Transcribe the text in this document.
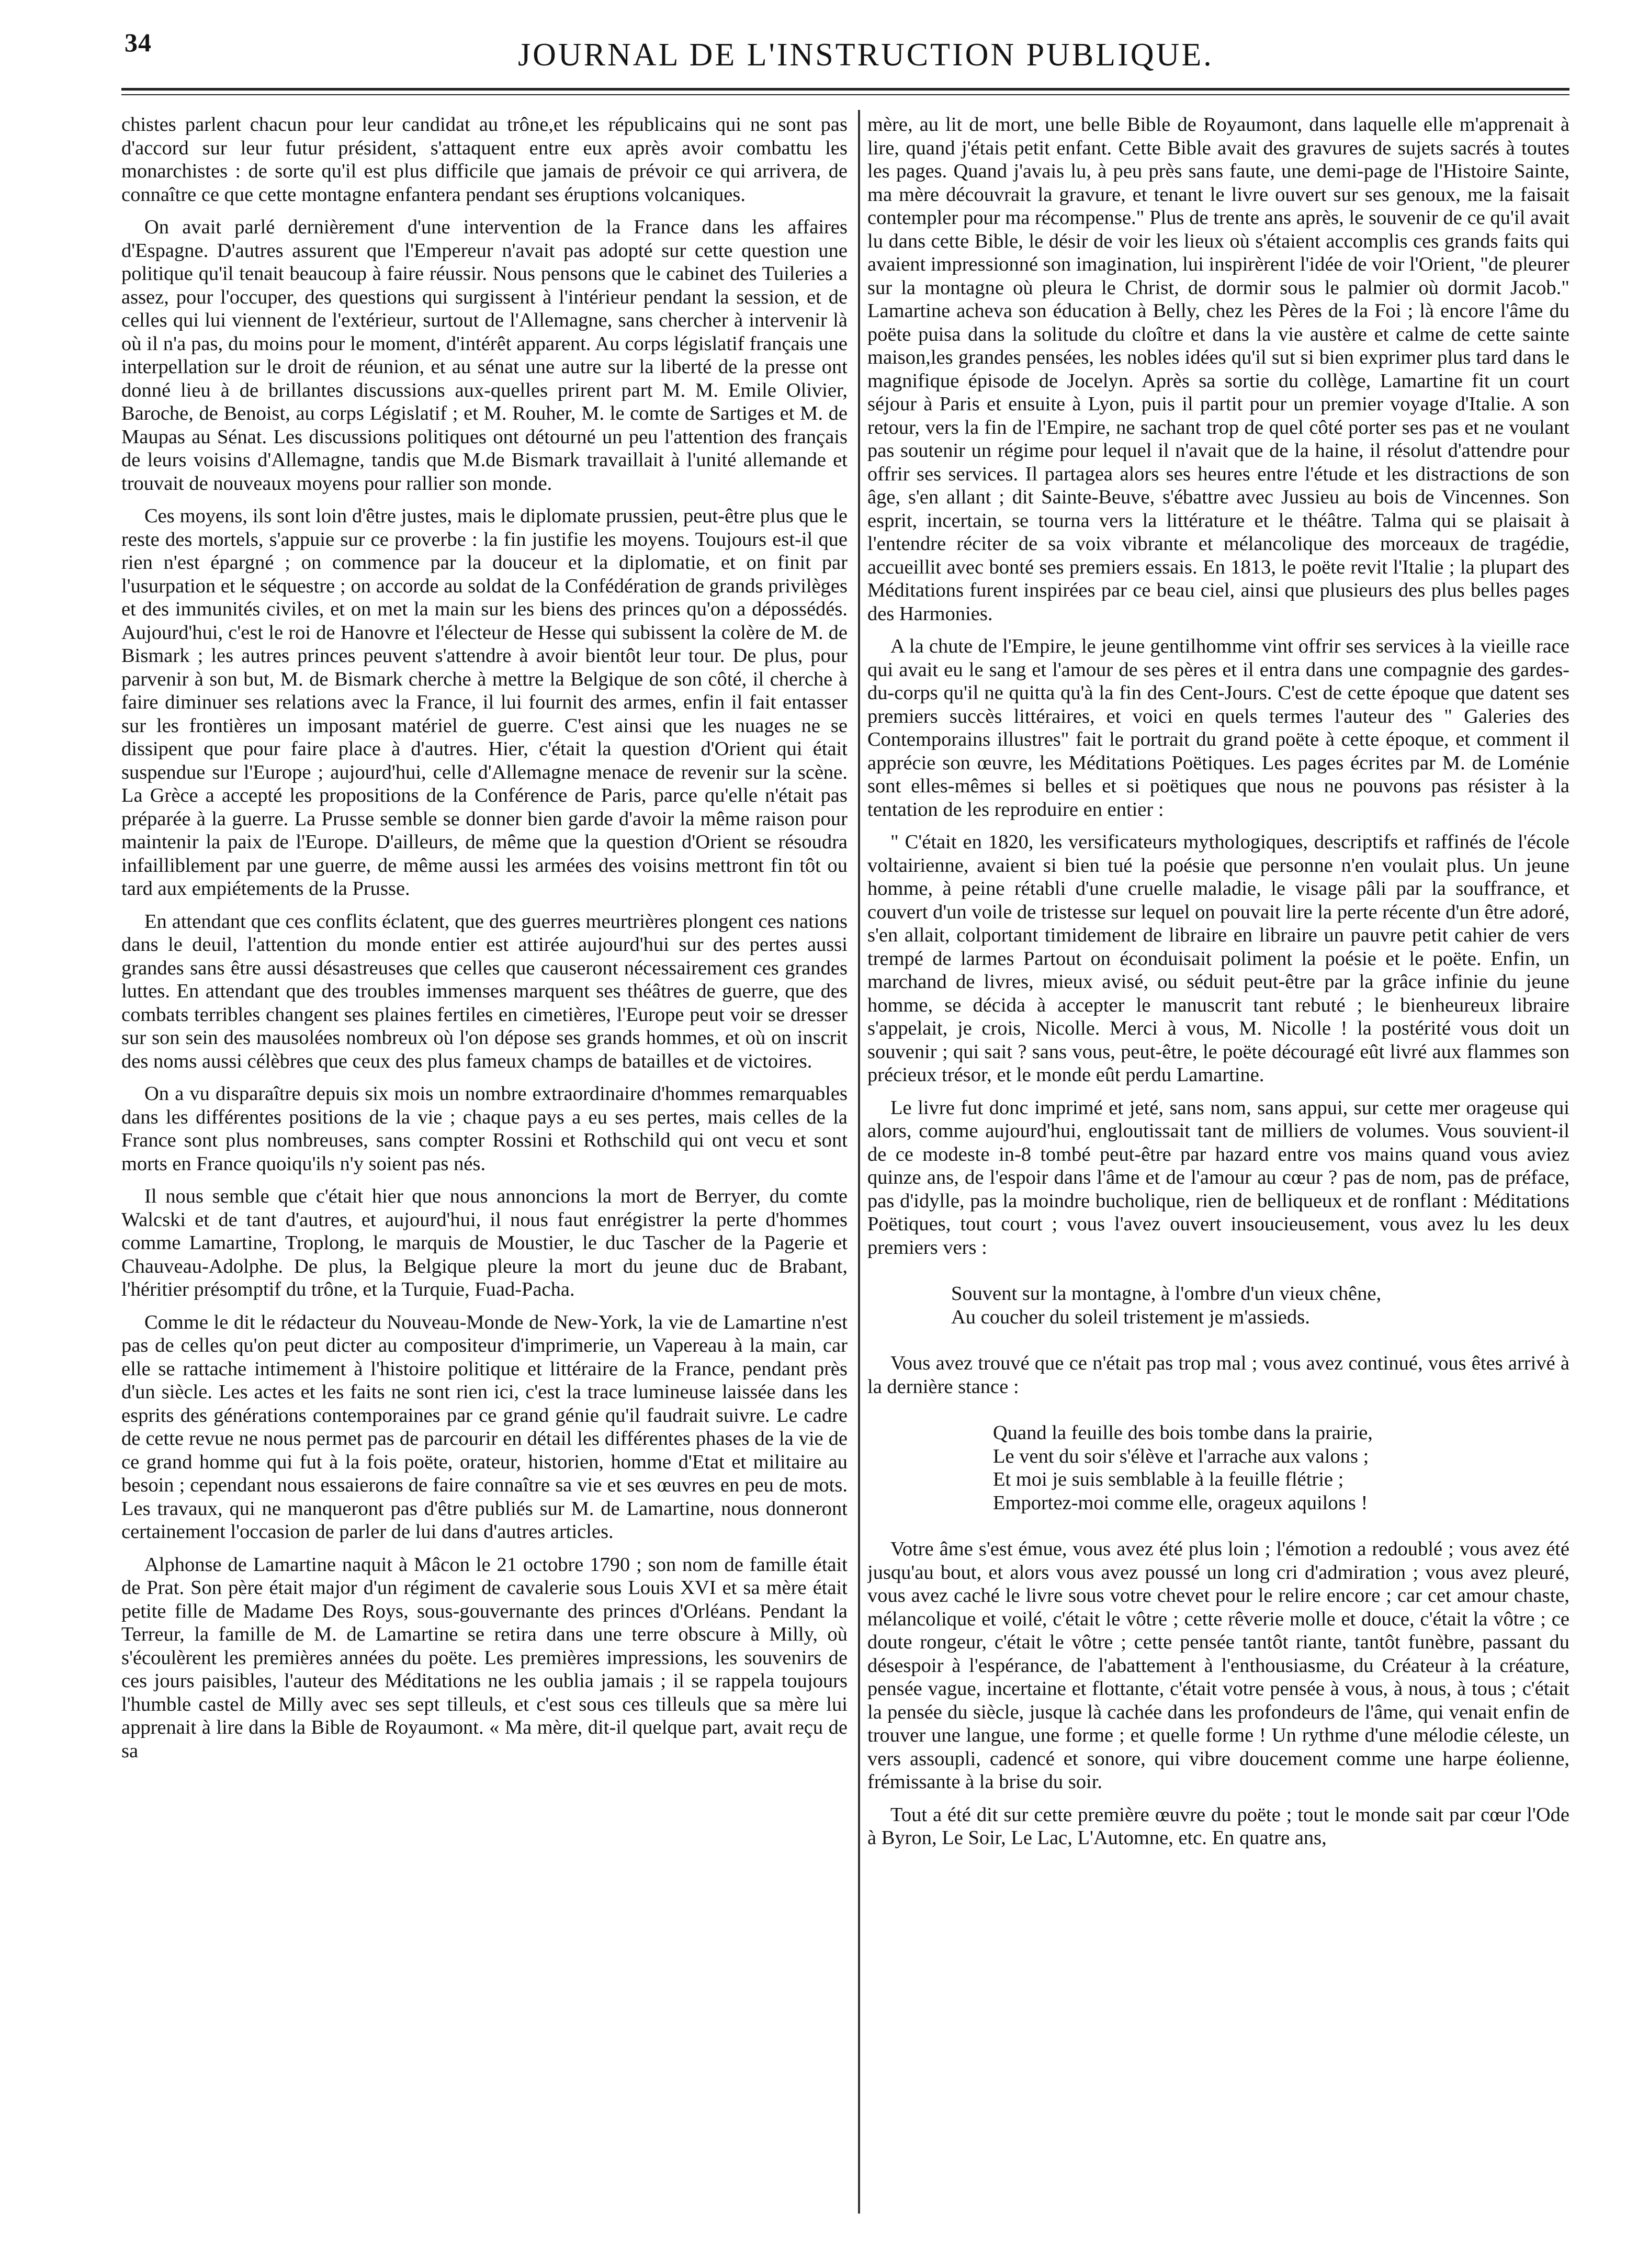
34	JOURNAL DE L'INSTRUCTION PUBLIQUE.

chistes parlent chacun pour leur candidat au trône,et les républicains qui ne sont pas d'accord sur leur futur président, s'attaquent entre eux après avoir combattu les monarchistes : de sorte qu'il est plus difficile que jamais de prévoir ce qui arrivera, de connaître ce que cette montagne enfantera pendant ses éruptions volcaniques.

On avait parlé dernièrement d'une intervention de la France dans les affaires d'Espagne. D'autres assurent que l'Empereur n'avait pas adopté sur cette question une politique qu'il tenait beaucoup à faire réussir. Nous pensons que le cabinet des Tuileries a assez, pour l'occuper, des questions qui surgissent à l'intérieur pendant la session, et de celles qui lui viennent de l'extérieur, surtout de l'Allemagne, sans chercher à intervenir là où il n'a pas, du moins pour le moment, d'intérêt apparent. Au corps législatif français une interpellation sur le droit de réunion, et au sénat une autre sur la liberté de la presse ont donné lieu à de brillantes discussions aux-quelles prirent part M. M. Emile Olivier, Baroche, de Benoist, au corps Législatif ; et M. Rouher, M. le comte de Sartiges et M. de Maupas au Sénat. Les discussions politiques ont détourné un peu l'attention des français de leurs voisins d'Allemagne, tandis que M.de Bismark travaillait à l'unité allemande et trouvait de nouveaux moyens pour rallier son monde.

Ces moyens, ils sont loin d'être justes, mais le diplomate prussien, peut-être plus que le reste des mortels, s'appuie sur ce proverbe : la fin justifie les moyens. Toujours est-il que rien n'est épargné ; on commence par la douceur et la diplomatie, et on finit par l'usurpation et le séquestre ; on accorde au soldat de la Confédération de grands privilèges et des immunités civiles, et on met la main sur les biens des princes qu'on a dépossédés. Aujourd'hui, c'est le roi de Hanovre et l'électeur de Hesse qui subissent la colère de M. de Bismark ; les autres princes peuvent s'attendre à avoir bientôt leur tour. De plus, pour parvenir à son but, M. de Bismark cherche à mettre la Belgique de son côté, il cherche à faire diminuer ses relations avec la France, il lui fournit des armes, enfin il fait entasser sur les frontières un imposant matériel de guerre. C'est ainsi que les nuages ne se dissipent que pour faire place à d'autres. Hier, c'était la question d'Orient qui était suspendue sur l'Europe ; aujourd'hui, celle d'Allemagne menace de revenir sur la scène. La Grèce a accepté les propositions de la Conférence de Paris, parce qu'elle n'était pas préparée à la guerre. La Prusse semble se donner bien garde d'avoir la même raison pour maintenir la paix de l'Europe. D'ailleurs, de même que la question d'Orient se résoudra infailliblement par une guerre, de même aussi les armées des voisins mettront fin tôt ou tard aux empiétements de la Prusse.

En attendant que ces conflits éclatent, que des guerres meurtrières plongent ces nations dans le deuil, l'attention du monde entier est attirée aujourd'hui sur des pertes aussi grandes sans être aussi désastreuses que celles que causeront nécessairement ces grandes luttes. En attendant que des troubles immenses marquent ses théâtres de guerre, que des combats terribles changent ses plaines fertiles en cimetières, l'Europe peut voir se dresser sur son sein des mausolées nombreux où l'on dépose ses grands hommes, et où on inscrit des noms aussi célèbres que ceux des plus fameux champs de batailles et de victoires.

On a vu disparaître depuis six mois un nombre extraordinaire d'hommes remarquables dans les différentes positions de la vie ; chaque pays a eu ses pertes, mais celles de la France sont plus nombreuses, sans compter Rossini et Rothschild qui ont vecu et sont morts en France quoiqu'ils n'y soient pas nés.

Il nous semble que c'était hier que nous annoncions la mort de Berryer, du comte Walcski et de tant d'autres, et aujourd'hui, il nous faut enrégistrer la perte d'hommes comme Lamartine, Troplong, le marquis de Moustier, le duc Tascher de la Pagerie et Chauveau-Adolphe. De plus, la Belgique pleure la mort du jeune duc de Brabant, l'héritier présomptif du trône, et la Turquie, Fuad-Pacha.

Comme le dit le rédacteur du Nouveau-Monde de New-York, la vie de Lamartine n'est pas de celles qu'on peut dicter au compositeur d'imprimerie, un Vapereau à la main, car elle se rattache intimement à l'histoire politique et littéraire de la France, pendant près d'un siècle. Les actes et les faits ne sont rien ici, c'est la trace lumineuse laissée dans les esprits des générations contemporaines par ce grand génie qu'il faudrait suivre. Le cadre de cette revue ne nous permet pas de parcourir en détail les différentes phases de la vie de ce grand homme qui fut à la fois poëte, orateur, historien, homme d'Etat et militaire au besoin ; cependant nous essaierons de faire connaître sa vie et ses œuvres en peu de mots. Les travaux, qui ne manqueront pas d'être publiés sur M. de Lamartine, nous donneront certainement l'occasion de parler de lui dans d'autres articles.

Alphonse de Lamartine naquit à Mâcon le 21 octobre 1790 ; son nom de famille était de Prat. Son père était major d'un régiment de cavalerie sous Louis XVI et sa mère était petite fille de Madame Des Roys, sous-gouvernante des princes d'Orléans. Pendant la Terreur, la famille de M. de Lamartine se retira dans une terre obscure à Milly, où s'écoulèrent les premières années du poëte. Les premières impressions, les souvenirs de ces jours paisibles, l'auteur des Méditations ne les oublia jamais ; il se rappela toujours l'humble castel de Milly avec ses sept tilleuls, et c'est sous ces tilleuls que sa mère lui apprenait à lire dans la Bible de Royaumont. « Ma mère, dit-il quelque part, avait reçu de sa

mère, au lit de mort, une belle Bible de Royaumont, dans laquelle elle m'apprenait à lire, quand j'étais petit enfant. Cette Bible avait des gravures de sujets sacrés à toutes les pages. Quand j'avais lu, à peu près sans faute, une demi-page de l'Histoire Sainte, ma mère découvrait la gravure, et tenant le livre ouvert sur ses genoux, me la faisait contempler pour ma récompense." Plus de trente ans après, le souvenir de ce qu'il avait lu dans cette Bible, le désir de voir les lieux où s'étaient accomplis ces grands faits qui avaient impressionné son imagination, lui inspirèrent l'idée de voir l'Orient, "de pleurer sur la montagne où pleura le Christ, de dormir sous le palmier où dormit Jacob." Lamartine acheva son éducation à Belly, chez les Pères de la Foi ; là encore l'âme du poëte puisa dans la solitude du cloître et dans la vie austère et calme de cette sainte maison,les grandes pensées, les nobles idées qu'il sut si bien exprimer plus tard dans le magnifique épisode de Jocelyn. Après sa sortie du collège, Lamartine fit un court séjour à Paris et ensuite à Lyon, puis il partit pour un premier voyage d'Italie. A son retour, vers la fin de l'Empire, ne sachant trop de quel côté porter ses pas et ne voulant pas soutenir un régime pour lequel il n'avait que de la haine, il résolut d'attendre pour offrir ses services. Il partagea alors ses heures entre l'étude et les distractions de son âge, s'en allant ; dit Sainte-Beuve, s'ébattre avec Jussieu au bois de Vincennes. Son esprit, incertain, se tourna vers la littérature et le théâtre. Talma qui se plaisait à l'entendre réciter de sa voix vibrante et mélancolique des morceaux de tragédie, accueillit avec bonté ses premiers essais. En 1813, le poëte revit l'Italie ; la plupart des Méditations furent inspirées par ce beau ciel, ainsi que plusieurs des plus belles pages des Harmonies.

A la chute de l'Empire, le jeune gentilhomme vint offrir ses services à la vieille race qui avait eu le sang et l'amour de ses pères et il entra dans une compagnie des gardes-du-corps qu'il ne quitta qu'à la fin des Cent-Jours. C'est de cette époque que datent ses premiers succès littéraires, et voici en quels termes l'auteur des " Galeries des Contemporains illustres" fait le portrait du grand poëte à cette époque, et comment il apprécie son œuvre, les Méditations Poëtiques. Les pages écrites par M. de Loménie sont elles-mêmes si belles et si poëtiques que nous ne pouvons pas résister à la tentation de les reproduire en entier :

" C'était en 1820, les versificateurs mythologiques, descriptifs et raffinés de l'école voltairienne, avaient si bien tué la poésie que personne n'en voulait plus. Un jeune homme, à peine rétabli d'une cruelle maladie, le visage pâli par la souffrance, et couvert d'un voile de tristesse sur lequel on pouvait lire la perte récente d'un être adoré, s'en allait, colportant timidement de libraire en libraire un pauvre petit cahier de vers trempé de larmes Partout on éconduisait poliment la poésie et le poëte. Enfin, un marchand de livres, mieux avisé, ou séduit peut-être par la grâce infinie du jeune homme, se décida à accepter le manuscrit tant rebuté ; le bienheureux libraire s'appelait, je crois, Nicolle. Merci à vous, M. Nicolle ! la postérité vous doit un souvenir ; qui sait ? sans vous, peut-être, le poëte découragé eût livré aux flammes son précieux trésor, et le monde eût perdu Lamartine.

Le livre fut donc imprimé et jeté, sans nom, sans appui, sur cette mer orageuse qui alors, comme aujourd'hui, engloutissait tant de milliers de volumes. Vous souvient-il de ce modeste in-8 tombé peut-être par hazard entre vos mains quand vous aviez quinze ans, de l'espoir dans l'âme et de l'amour au cœur ? pas de nom, pas de préface, pas d'idylle, pas la moindre bucholique, rien de belliqueux et de ronflant : Méditations Poëtiques, tout court ; vous l'avez ouvert insoucieusement, vous avez lu les deux premiers vers :

Souvent sur la montagne, à l'ombre d'un vieux chêne,
Au coucher du soleil tristement je m'assieds.

Vous avez trouvé que ce n'était pas trop mal ; vous avez continué, vous êtes arrivé à la dernière stance :

Quand la feuille des bois tombe dans la prairie,
Le vent du soir s'élève et l'arrache aux valons ;
Et moi je suis semblable à la feuille flétrie ;
Emportez-moi comme elle, orageux aquilons !

Votre âme s'est émue, vous avez été plus loin ; l'émotion a redoublé ; vous avez été jusqu'au bout, et alors vous avez poussé un long cri d'admiration ; vous avez pleuré, vous avez caché le livre sous votre chevet pour le relire encore ; car cet amour chaste, mélancolique et voilé, c'était le vôtre ; cette rêverie molle et douce, c'était la vôtre ; ce doute rongeur, c'était le vôtre ; cette pensée tantôt riante, tantôt funèbre, passant du désespoir à l'espérance, de l'abattement à l'enthousiasme, du Créateur à la créature, pensée vague, incertaine et flottante, c'était votre pensée à vous, à nous, à tous ; c'était la pensée du siècle, jusque là cachée dans les profondeurs de l'âme, qui venait enfin de trouver une langue, une forme ; et quelle forme ! Un rythme d'une mélodie céleste, un vers assoupli, cadencé et sonore, qui vibre doucement comme une harpe éolienne, frémissante à la brise du soir.

Tout a été dit sur cette première œuvre du poëte ; tout le monde sait par cœur l'Ode à Byron, Le Soir, Le Lac, L'Automne, etc. En quatre ans,
